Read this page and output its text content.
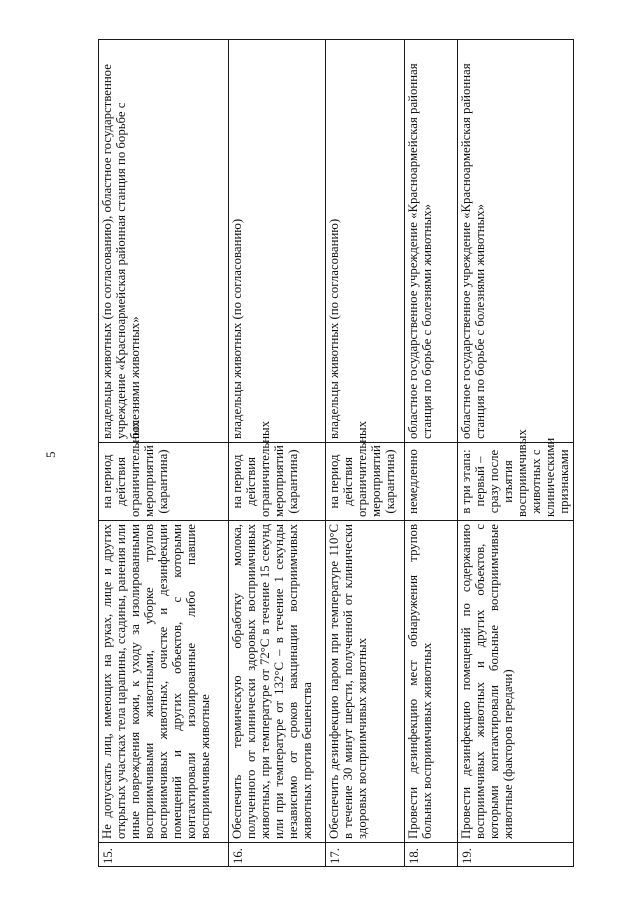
5
15.	Не допускать лиц, имеющих на руках, лице и других открытых участках тела царапины, ссадины, ранения или иные повреждения кожи, к уходу за изолированными восприимчивыми животными, уборке трупов восприимчивых животных, очистке и дезинфекции помещений и других объектов, с которыми контактировали изолированные либо павшие восприимчивые животные	на период действия ограничительных мероприятий (карантина)	владельцы животных (по согласованию), областное государственное учреждение «Красноармейская районная станция по борьбе с болезнями животных»
16.	Обеспечить термическую обработку молока, полученного от клинически здоровых восприимчивых животных, при температуре от 72°C в течение 15 секунд или при температуре от 132°C – в течение 1 секунды независимо от сроков вакцинации восприимчивых животных против бешенства	на период действия ограничительных мероприятий (карантина)	владельцы животных (по согласованию)
17.	Обеспечить дезинфекцию паром при температуре 110°C в течение 30 минут шерсти, полученной от клинически здоровых восприимчивых животных	на период действия ограничительных мероприятий (карантина)	владельцы животных (по согласованию)
18.	Провести дезинфекцию мест обнаружения трупов больных восприимчивых животных	немедленно	областное государственное учреждение «Красноармейская районная станция по борьбе с болезнями животных»
19.	Провести дезинфекцию помещений по содержанию восприимчивых животных и других объектов, с которыми контактировали больные восприимчивые животные (факторов передачи)	в три этапа: первый – сразу после изъятия восприимчивых животных с клиническими признаками	областное государственное учреждение «Красноармейская районная станция по борьбе с болезнями животных»
